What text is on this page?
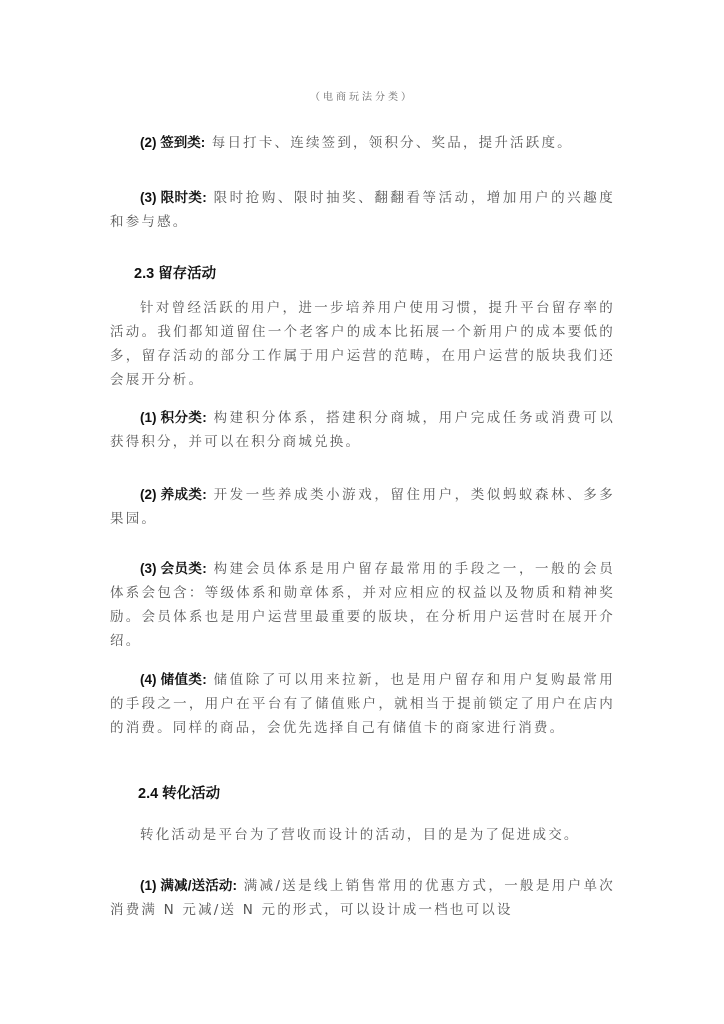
（电商玩法分类）
(2) 签到类: 每日打卡、连续签到，领积分、奖品，提升活跃度。
(3) 限时类: 限时抢购、限时抽奖、翻翻看等活动，增加用户的兴趣度和参与感。
2.3 留存活动
针对曾经活跃的用户，进一步培养用户使用习惯，提升平台留存率的活动。我们都知道留住一个老客户的成本比拓展一个新用户的成本要低的多，留存活动的部分工作属于用户运营的范畴，在用户运营的版块我们还会展开分析。
(1) 积分类: 构建积分体系，搭建积分商城，用户完成任务或消费可以获得积分，并可以在积分商城兑换。
(2) 养成类: 开发一些养成类小游戏，留住用户，类似蚂蚁森林、多多果园。
(3) 会员类: 构建会员体系是用户留存最常用的手段之一，一般的会员体系会包含：等级体系和勋章体系，并对应相应的权益以及物质和精神奖励。会员体系也是用户运营里最重要的版块，在分析用户运营时在展开介绍。
(4) 储值类: 储值除了可以用来拉新，也是用户留存和用户复购最常用的手段之一，用户在平台有了储值账户，就相当于提前锁定了用户在店内的消费。同样的商品，会优先选择自己有储值卡的商家进行消费。
2.4 转化活动
转化活动是平台为了营收而设计的活动，目的是为了促进成交。
(1) 满减/送活动: 满减/送是线上销售常用的优惠方式，一般是用户单次消费满 N 元减/送 N 元的形式，可以设计成一档也可以设
